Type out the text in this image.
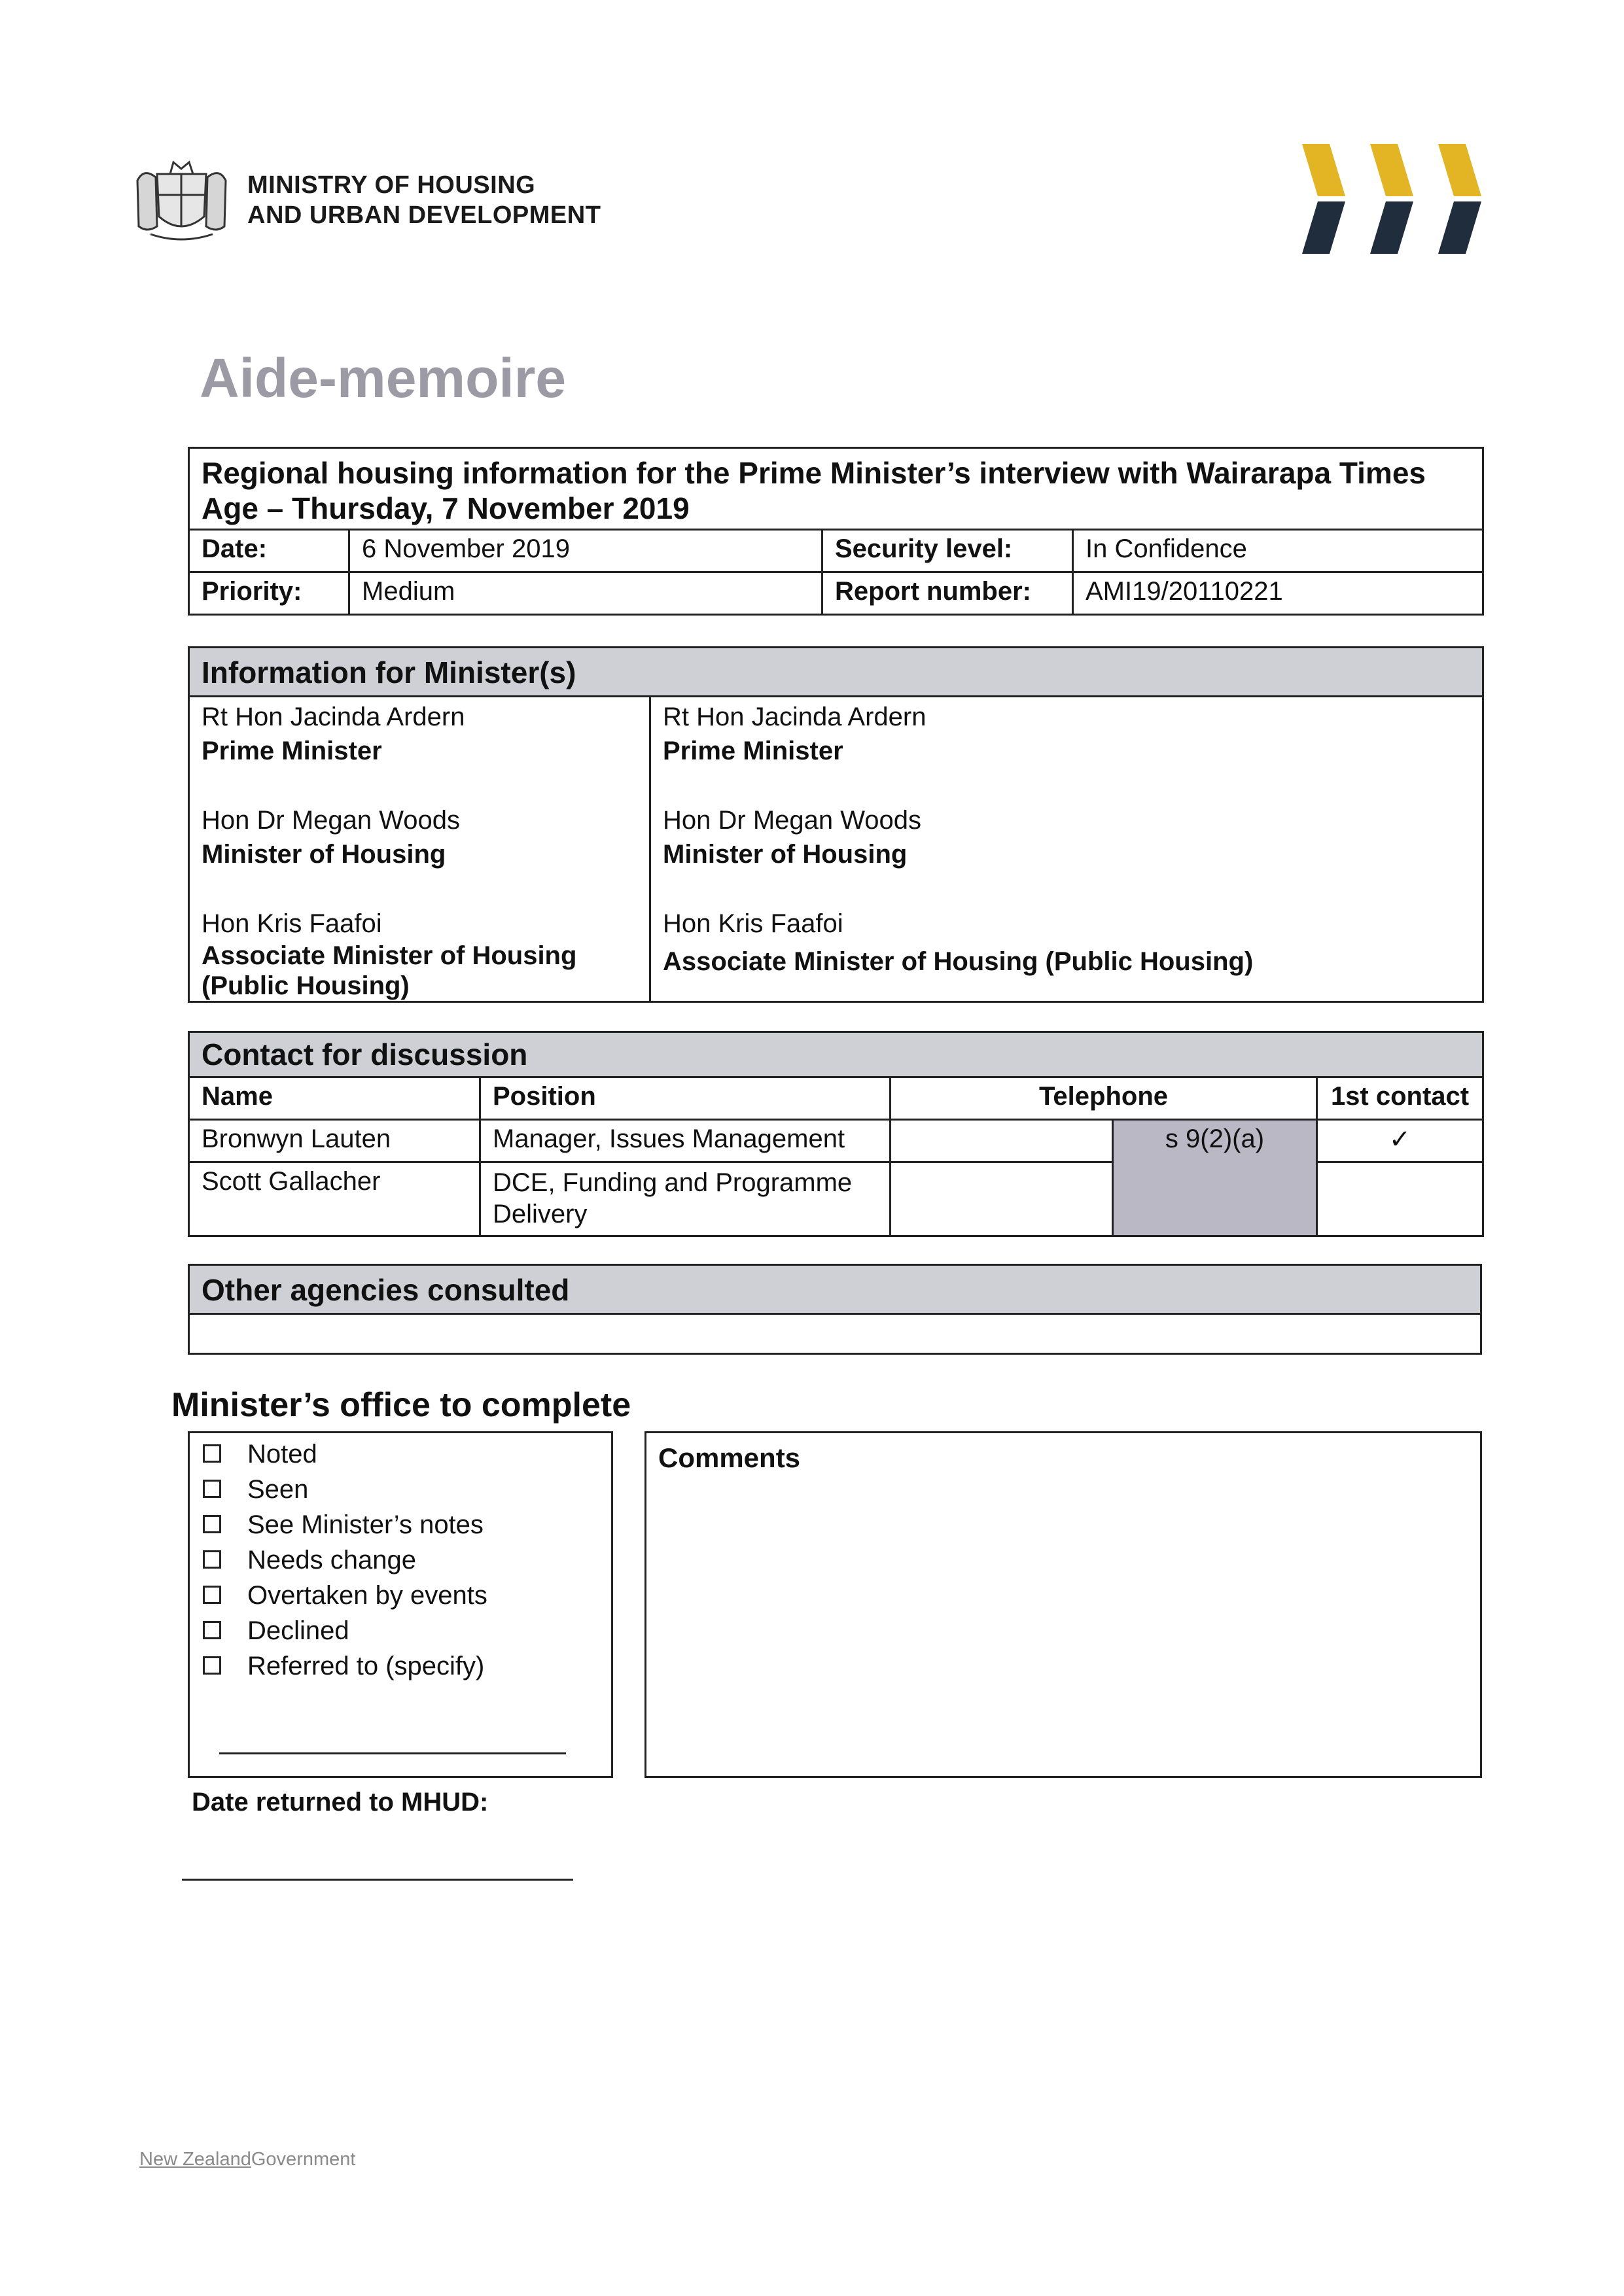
MINISTRY OF HOUSING
AND URBAN DEVELOPMENT
Aide-memoire
Regional housing information for the Prime Minister’s interview with Wairarapa Times Age – Thursday, 7 November 2019			
Date:	6 November 2019	Security level:	In Confidence
Priority:	Medium	Report number:	AMI19/20110221
Information for Minister(s)

Rt Hon Jacinda Ardern
Prime Minister
Hon Dr Megan Woods
Minister of Housing
Hon Kris Faafoi
Associate Minister of Housing (Public Housing)

Rt Hon Jacinda Ardern
Prime Minister
Hon Dr Megan Woods
Minister of Housing
Hon Kris Faafoi
Associate Minister of Housing (Public Housing)
Contact for discussion				
Name	Position	Telephone		1st contact
Bronwyn Lauten	Manager, Issues Management		s 9(2)(a)	✓
Scott Gallacher	DCE, Funding and Programme Delivery			
Other agencies consulted

Minister’s office to complete
Noted
Seen
See Minister’s notes
Needs change
Overtaken by events
Declined
Referred to (specify)
Comments
Date returned to MHUD:
New ZealandGovernment
